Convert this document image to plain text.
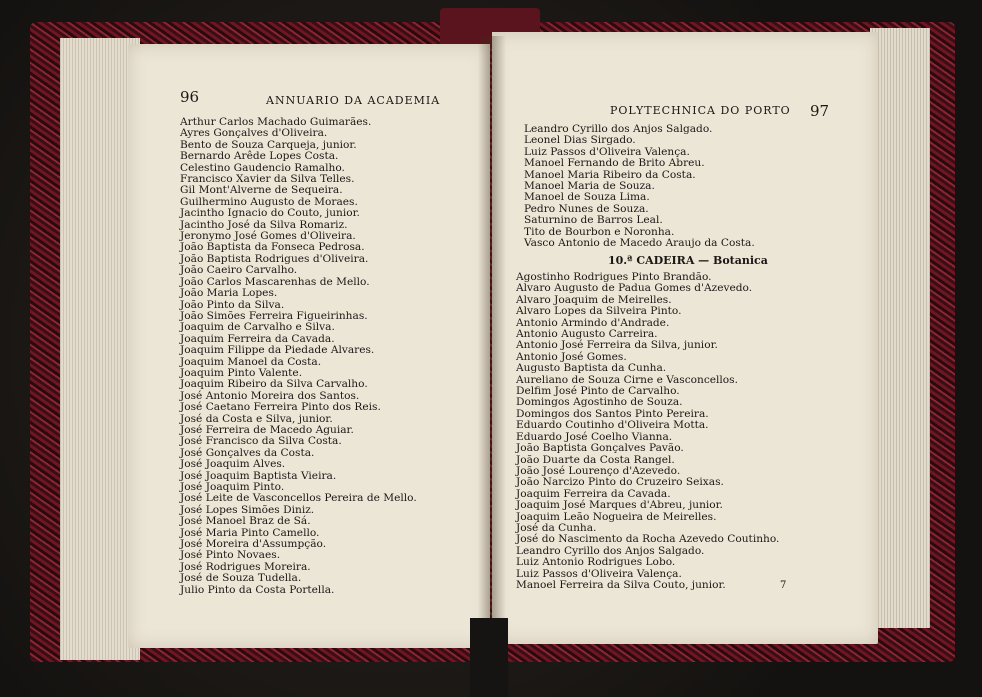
96	ANNUARIO DA ACADEMIA
Arthur Carlos Machado Guimarães.
Ayres Gonçalves d'Oliveira.
Bento de Souza Carqueja, junior.
Bernardo Arêde Lopes Costa.
Celestino Gaudencio Ramalho.
Francisco Xavier da Silva Telles.
Gil Mont'Alverne de Sequeira.
Guilhermino Augusto de Moraes.
Jacintho Ignacio do Couto, junior.
Jacintho José da Silva Romariz.
Jeronymo José Gomes d'Oliveira.
João Baptista da Fonseca Pedrosa.
João Baptista Rodrigues d'Oliveira.
João Caeiro Carvalho.
João Carlos Mascarenhas de Mello.
João Maria Lopes.
João Pinto da Silva.
João Simões Ferreira Figueirinhas.
Joaquim de Carvalho e Silva.
Joaquim Ferreira da Cavada.
Joaquim Filippe da Piedade Alvares.
Joaquim Manoel da Costa.
Joaquim Pinto Valente.
Joaquim Ribeiro da Silva Carvalho.
José Antonio Moreira dos Santos.
José Caetano Ferreira Pinto dos Reis.
José da Costa e Silva, junior.
José Ferreira de Macedo Aguiar.
José Francisco da Silva Costa.
José Gonçalves da Costa.
José Joaquim Alves.
José Joaquim Baptista Vieira.
José Joaquim Pinto.
José Leite de Vasconcellos Pereira de Mello.
José Lopes Simões Diniz.
José Manoel Braz de Sá.
José Maria Pinto Camello.
José Moreira d'Assumpção.
José Pinto Novaes.
José Rodrigues Moreira.
José de Souza Tudella.
Julio Pinto da Costa Portella.
POLYTECHNICA DO PORTO 97
Leandro Cyrillo dos Anjos Salgado.
Leonel Dias Sirgado.
Luiz Passos d'Oliveira Valença.
Manoel Fernando de Brito Abreu.
Manoel Maria Ribeiro da Costa.
Manoel Maria de Souza.
Manoel de Souza Lima.
Pedro Nunes de Souza.
Saturnino de Barros Leal.
Tito de Bourbon e Noronha.
Vasco Antonio de Macedo Araujo da Costa.
10.ª CADEIRA — Botanica
Agostinho Rodrigues Pinto Brandão.
Alvaro Augusto de Padua Gomes d'Azevedo.
Alvaro Joaquim de Meirelles.
Alvaro Lopes da Silveira Pinto.
Antonio Armindo d'Andrade.
Antonio Augusto Carreira.
Antonio José Ferreira da Silva, junior.
Antonio José Gomes.
Augusto Baptista da Cunha.
Aureliano de Souza Cirne e Vasconcellos.
Delfim José Pinto de Carvalho.
Domingos Agostinho de Souza.
Domingos dos Santos Pinto Pereira.
Eduardo Coutinho d'Oliveira Motta.
Eduardo José Coelho Vianna.
João Baptista Gonçalves Pavão.
João Duarte da Costa Rangel.
João José Lourenço d'Azevedo.
João Narcizo Pinto do Cruzeiro Seixas.
Joaquim Ferreira da Cavada.
Joaquim José Marques d'Abreu, junior.
Joaquim Leão Nogueira de Meirelles.
José da Cunha.
José do Nascimento da Rocha Azevedo Coutinho.
Leandro Cyrillo dos Anjos Salgado.
Luiz Antonio Rodrigues Lobo.
Luiz Passos d'Oliveira Valença.
Manoel Ferreira da Silva Couto, junior.	7
